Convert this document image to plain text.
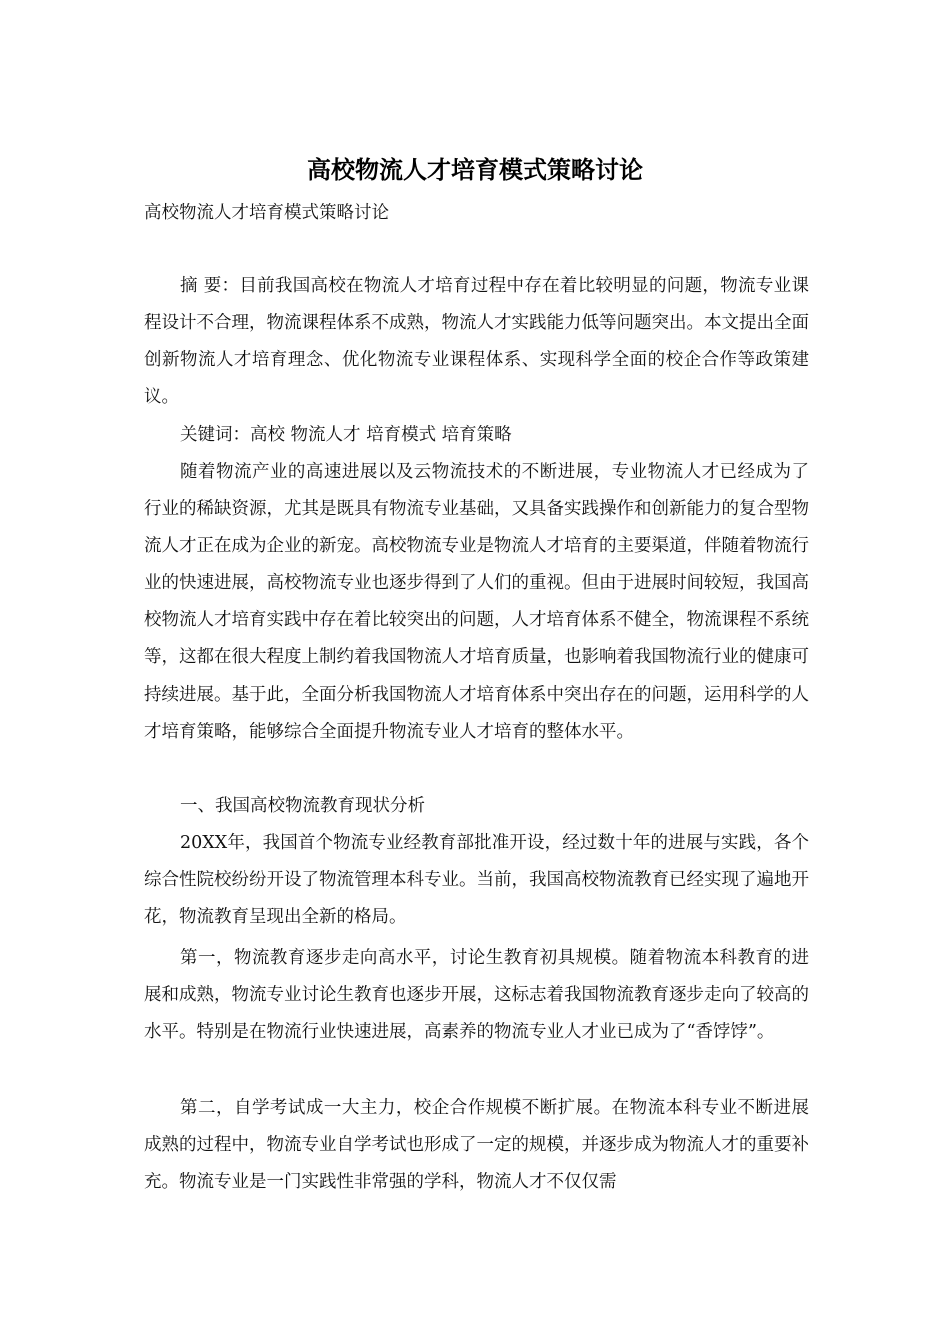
高校物流人才培育模式策略讨论
高校物流人才培育模式策略讨论

摘 要：目前我国高校在物流人才培育过程中存在着比较明显的问题，物流专业课程设计不合理，物流课程体系不成熟，物流人才实践能力低等问题突出。本文提出全面创新物流人才培育理念、优化物流专业课程体系、实现科学全面的校企合作等政策建议。

关键词：高校 物流人才 培育模式 培育策略

随着物流产业的高速进展以及云物流技术的不断进展，专业物流人才已经成为了行业的稀缺资源，尤其是既具有物流专业基础，又具备实践操作和创新能力的复合型物流人才正在成为企业的新宠。高校物流专业是物流人才培育的主要渠道，伴随着物流行业的快速进展，高校物流专业也逐步得到了人们的重视。但由于进展时间较短，我国高校物流人才培育实践中存在着比较突出的问题，人才培育体系不健全，物流课程不系统等，这都在很大程度上制约着我国物流人才培育质量，也影响着我国物流行业的健康可持续进展。基于此，全面分析我国物流人才培育体系中突出存在的问题，运用科学的人才培育策略，能够综合全面提升物流专业人才培育的整体水平。

一、我国高校物流教育现状分析

20XX年，我国首个物流专业经教育部批准开设，经过数十年的进展与实践，各个综合性院校纷纷开设了物流管理本科专业。当前，我国高校物流教育已经实现了遍地开花，物流教育呈现出全新的格局。

第一，物流教育逐步走向高水平，讨论生教育初具规模。随着物流本科教育的进展和成熟，物流专业讨论生教育也逐步开展，这标志着我国物流教育逐步走向了较高的水平。特别是在物流行业快速进展，高素养的物流专业人才业已成为了“香饽饽”。

第二，自学考试成一大主力，校企合作规模不断扩展。在物流本科专业不断进展成熟的过程中，物流专业自学考试也形成了一定的规模，并逐步成为物流人才的重要补充。物流专业是一门实践性非常强的学科，物流人才不仅仅需
